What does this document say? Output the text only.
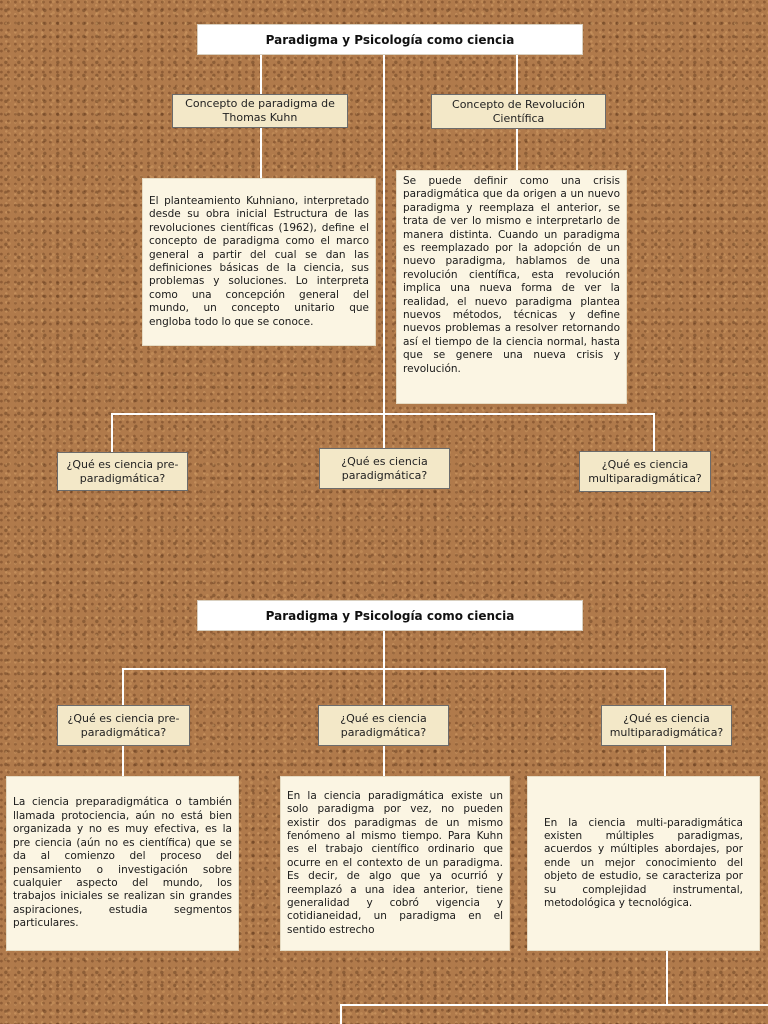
Paradigma y Psicología como ciencia
Concepto de paradigma de Thomas Kuhn
Concepto de Revolución Científica
El planteamiento Kuhniano, interpretado desde su obra inicial Estructura de las revoluciones científicas (1962), define el concepto de paradigma como el marco general a partir del cual se dan las definiciones básicas de la ciencia, sus problemas y soluciones. Lo interpreta como una concepción general del mundo, un concepto unitario que engloba todo lo que se conoce.
Se puede definir como una crisis paradigmática que da origen a un nuevo paradigma y reemplaza el anterior, se trata de ver lo mismo e interpretarlo de manera distinta. Cuando un paradigma es reemplazado por la adopción de un nuevo paradigma, hablamos de una revolución científica, esta revolución implica una nueva forma de ver la realidad, el nuevo paradigma plantea nuevos métodos, técnicas y define nuevos problemas a resolver retornando así el tiempo de la ciencia normal, hasta que se genere una nueva crisis y revolución.
¿Qué es ciencia pre-paradigmática?
¿Qué es ciencia paradigmática?
¿Qué es ciencia multiparadigmática?
Paradigma y Psicología como ciencia
¿Qué es ciencia pre-paradigmática?
¿Qué es ciencia paradigmática?
¿Qué es ciencia multiparadigmática?
La ciencia preparadigmática o también llamada protociencia, aún no está bien organizada y no es muy efectiva, es la pre ciencia (aún no es científica) que se da al comienzo del proceso del pensamiento o investigación sobre cualquier aspecto del mundo, los trabajos iniciales se realizan sin grandes aspiraciones, estudia segmentos particulares.
En la ciencia paradigmática existe un solo paradigma por vez, no pueden existir dos paradigmas de un mismo fenómeno al mismo tiempo. Para Kuhn es el trabajo científico ordinario que ocurre en el contexto de un paradigma. Es decir, de algo que ya ocurrió y reemplazó a una idea anterior, tiene generalidad y cobró vigencia y cotidianeidad, un paradigma en el sentido estrecho
En la ciencia multi-paradigmática existen múltiples paradigmas, acuerdos y múltiples abordajes, por ende un mejor conocimiento del objeto de estudio, se caracteriza por su complejidad instrumental, metodológica y tecnológica.
